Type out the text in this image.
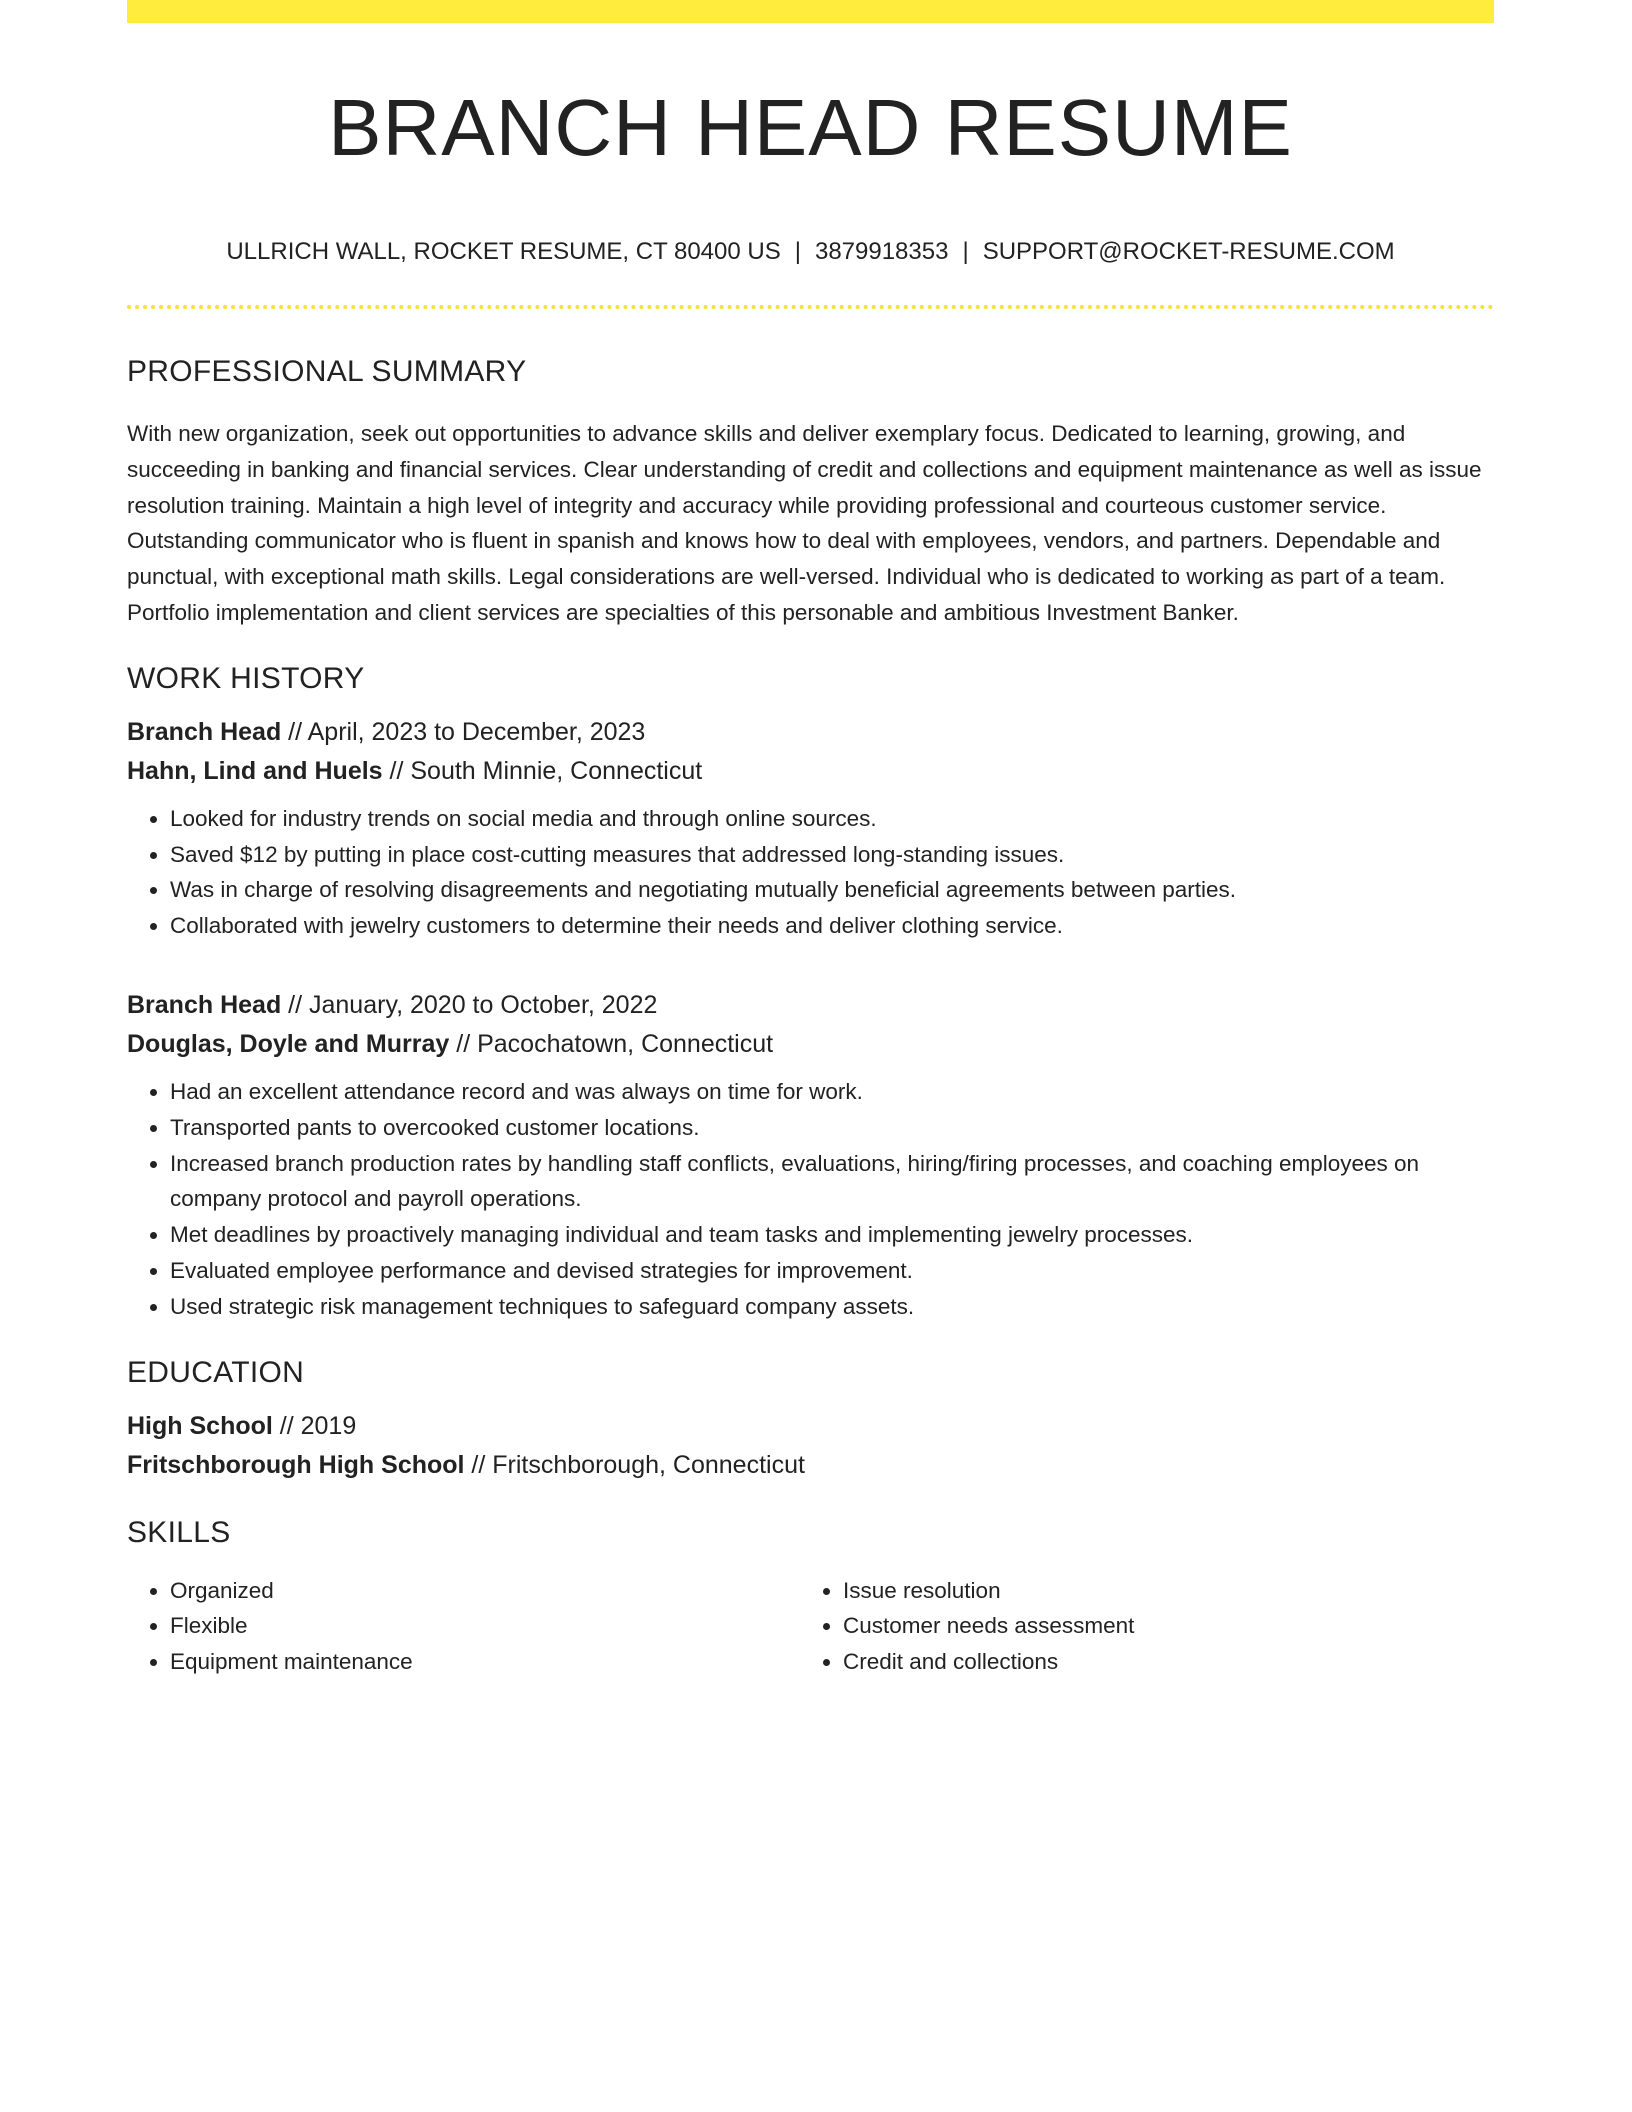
BRANCH HEAD RESUME
ULLRICH WALL, ROCKET RESUME, CT 80400 US | 3879918353 | SUPPORT@ROCKET-RESUME.COM
PROFESSIONAL SUMMARY

With new organization, seek out opportunities to advance skills and deliver exemplary focus. Dedicated to learning, growing, and succeeding in banking and financial services. Clear understanding of credit and collections and equipment maintenance as well as issue resolution training. Maintain a high level of integrity and accuracy while providing professional and courteous customer service. Outstanding communicator who is fluent in spanish and knows how to deal with employees, vendors, and partners. Dependable and punctual, with exceptional math skills. Legal considerations are well-versed. Individual who is dedicated to working as part of a team. Portfolio implementation and client services are specialties of this personable and ambitious Investment Banker.

WORK HISTORY

Branch Head // April, 2023 to December, 2023

Hahn, Lind and Huels // South Minnie, Connecticut

• Looked for industry trends on social media and through online sources.
• Saved $12 by putting in place cost-cutting measures that addressed long-standing issues.
• Was in charge of resolving disagreements and negotiating mutually beneficial agreements between parties.
• Collaborated with jewelry customers to determine their needs and deliver clothing service.

Branch Head // January, 2020 to October, 2022

Douglas, Doyle and Murray // Pacochatown, Connecticut

• Had an excellent attendance record and was always on time for work.
• Transported pants to overcooked customer locations.
• Increased branch production rates by handling staff conflicts, evaluations, hiring/firing processes, and coaching employees on company protocol and payroll operations.
• Met deadlines by proactively managing individual and team tasks and implementing jewelry processes.
• Evaluated employee performance and devised strategies for improvement.
• Used strategic risk management techniques to safeguard company assets.
EDUCATION

High School // 2019

Fritschborough High School // Fritschborough, Connecticut

SKILLS
• Organized
• Flexible
• Equipment maintenance
• Issue resolution
• Customer needs assessment
• Credit and collections
